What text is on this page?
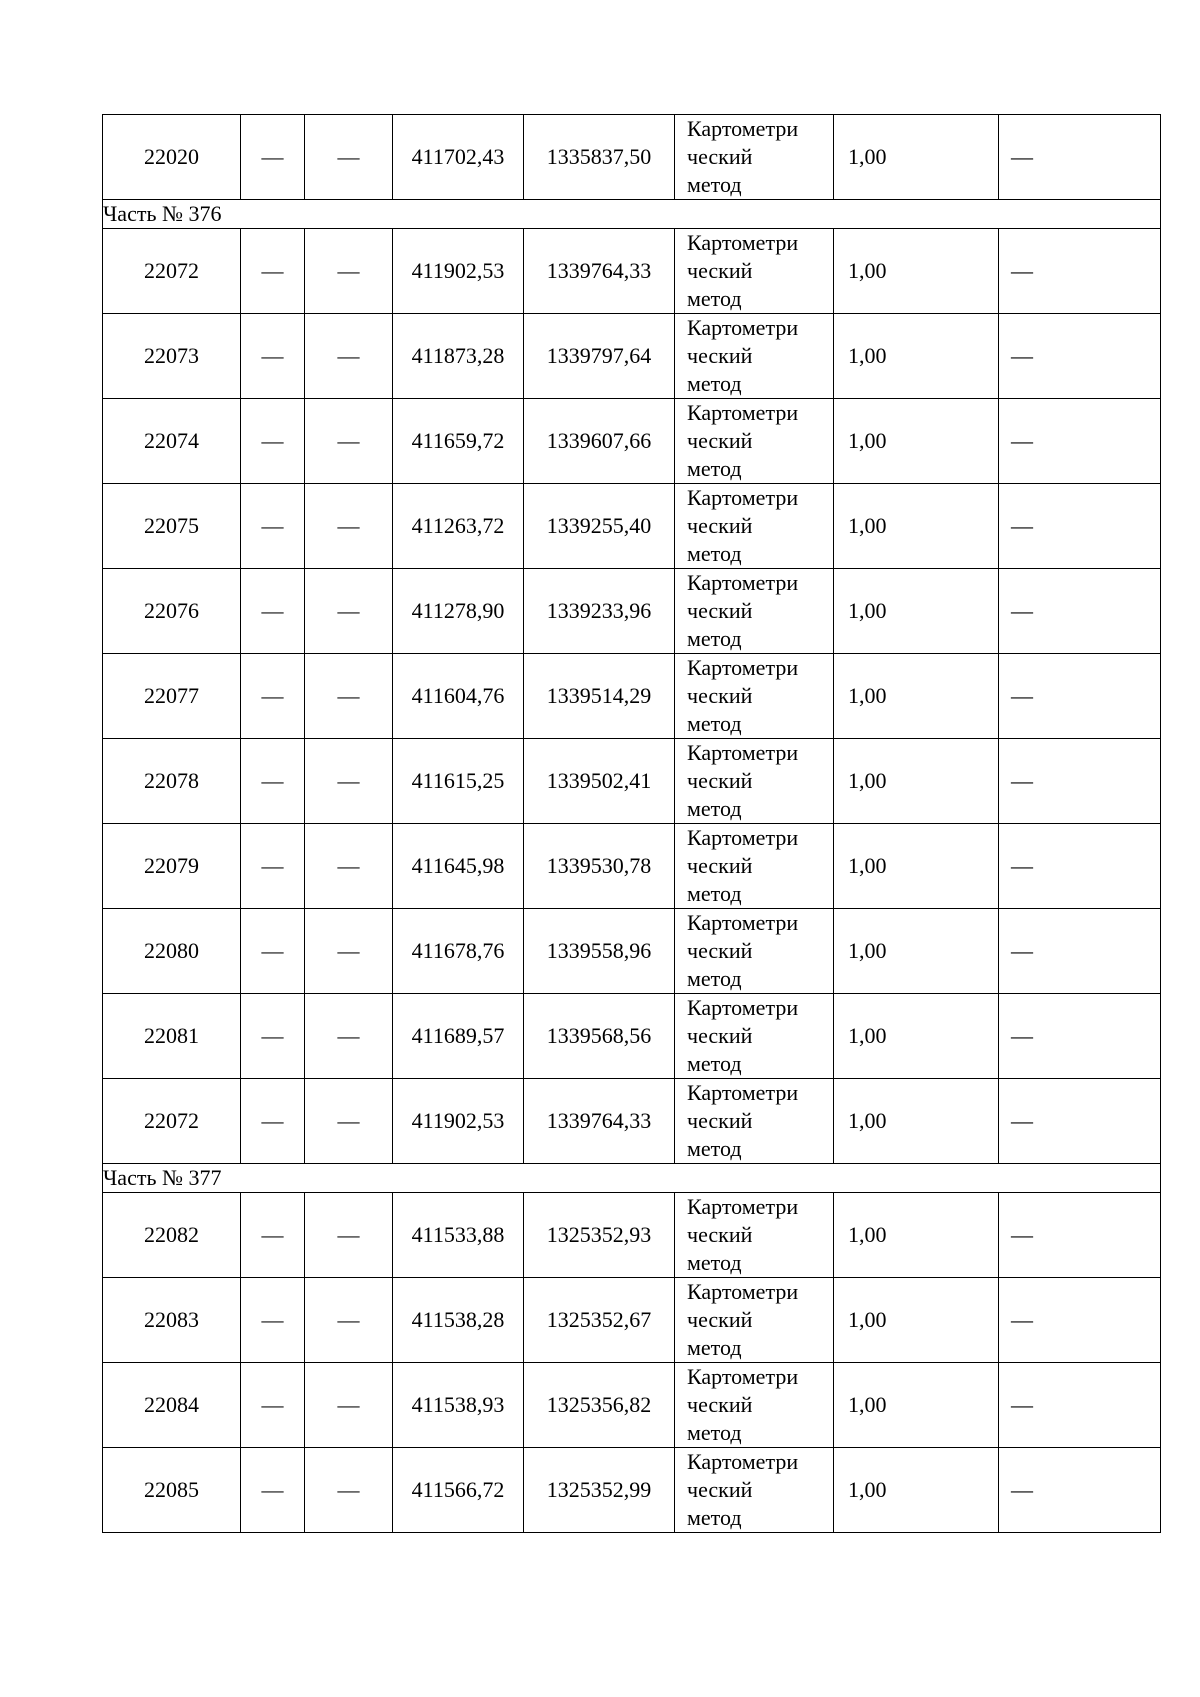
22020	—	—	411702,43	1335837,50	Картометри
ческий
метод	1,00	—
Часть № 376							
22072	—	—	411902,53	1339764,33	Картометри
ческий
метод	1,00	—
22073	—	—	411873,28	1339797,64	Картометри
ческий
метод	1,00	—
22074	—	—	411659,72	1339607,66	Картометри
ческий
метод	1,00	—
22075	—	—	411263,72	1339255,40	Картометри
ческий
метод	1,00	—
22076	—	—	411278,90	1339233,96	Картометри
ческий
метод	1,00	—
22077	—	—	411604,76	1339514,29	Картометри
ческий
метод	1,00	—
22078	—	—	411615,25	1339502,41	Картометри
ческий
метод	1,00	—
22079	—	—	411645,98	1339530,78	Картометри
ческий
метод	1,00	—
22080	—	—	411678,76	1339558,96	Картометри
ческий
метод	1,00	—
22081	—	—	411689,57	1339568,56	Картометри
ческий
метод	1,00	—
22072	—	—	411902,53	1339764,33	Картометри
ческий
метод	1,00	—
Часть № 377							
22082	—	—	411533,88	1325352,93	Картометри
ческий
метод	1,00	—
22083	—	—	411538,28	1325352,67	Картометри
ческий
метод	1,00	—
22084	—	—	411538,93	1325356,82	Картометри
ческий
метод	1,00	—
22085	—	—	411566,72	1325352,99	Картометри
ческий
метод	1,00	—
